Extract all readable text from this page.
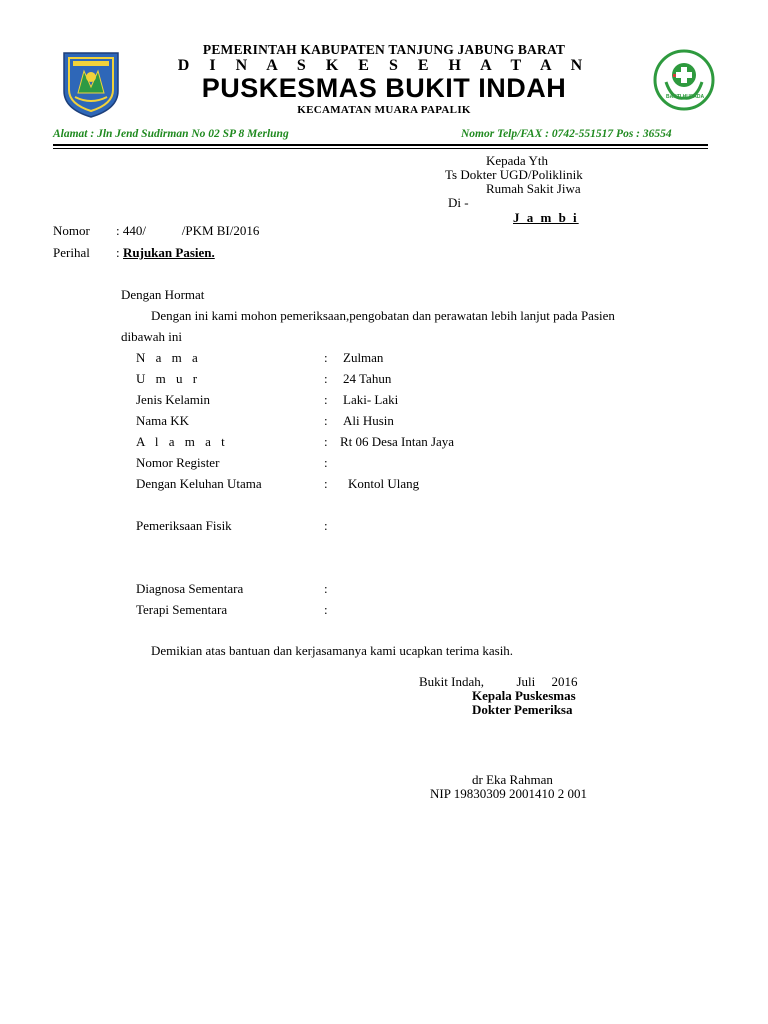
BAKTI HUSADA
PEMERINTAH KABUPATEN TANJUNG JABUNG BARAT
D I N A S K E S E H A T A N
PUSKESMAS BUKIT INDAH
KECAMATAN MUARA PAPALIK
Alamat : Jln Jend Sudirman No 02 SP 8 Merlung	Nomor Telp/FAX : 0742-551517 Pos : 36554
Kepada Yth
Ts Dokter UGD/Poliklinik
Rumah Sakit Jiwa
Di -
J a m b i
Nomor : 440/           /PKM BI/2016
Perihal : Rujukan Pasien.
Dengan Hormat
Dengan ini kami mohon pemeriksaan,pengobatan dan perawatan lebih lanjut pada Pasien
dibawah ini
N a m a	: Zulman
U m u r	: 24 Tahun
Jenis Kelamin	: Laki- Laki
Nama KK	: Ali Husin
A l a m a t	: Rt 06 Desa Intan Jaya
Nomor Register	:
Dengan Keluhan Utama	: Kontol Ulang
Pemeriksaan Fisik	:
Diagnosa Sementara	:
Terapi Sementara	:
Demikian atas bantuan dan kerjasamanya kami ucapkan terima kasih.
Bukit Indah,          Juli     2016
Kepala Puskesmas
Dokter Pemeriksa
dr Eka Rahman
NIP 19830309 2001410 2 001
